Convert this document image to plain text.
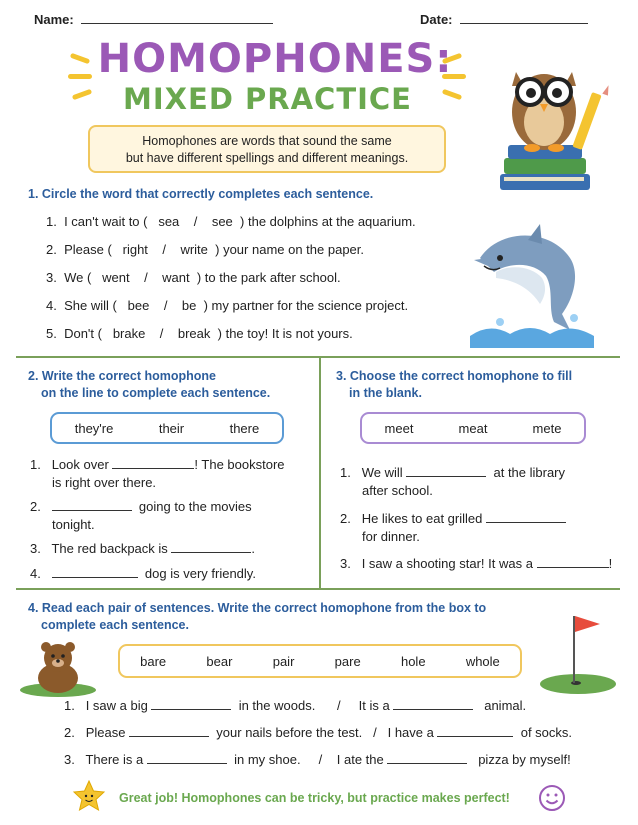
Name:	Date:
HOMOPHONES:
MIXED PRACTICE
Homophones are words that sound the same
but have different spellings and different meanings.
1. Circle the word that correctly completes each sentence.
1. I can't wait to ( sea / see ) the dolphins at the aquarium.
2. Please ( right / write ) your name on the paper.
3. We ( went / want ) to the park after school.
4. She will ( bee / be ) my partner for the science project.
5. Don't ( brake / break ) the toy! It is not yours.
2. Write the correct homophone
on the line to complete each sentence.
they're	their	there
1. Look over	! The bookstore
is right over there.
2.	going to the movies
tonight.
3. The red backpack is	.
4.	dog is very friendly.
3. Choose the correct homophone to fill
in the blank.
meet	meat	mete
1. We will	at the library
after school.
2. He likes to eat grilled
for dinner.
3. I saw a shooting star! It was a	!
4. Read each pair of sentences. Write the correct homophone from the box to
complete each sentence.
bare	bear	pair	pare	hole	whole
1. I saw a big	in the woods. / It is a	animal.
2. Please	your nails before the test. / I have a	of socks.
3. There is a	in my shoe. / I ate the	pizza by myself!
Great job! Homophones can be tricky, but practice makes perfect!
